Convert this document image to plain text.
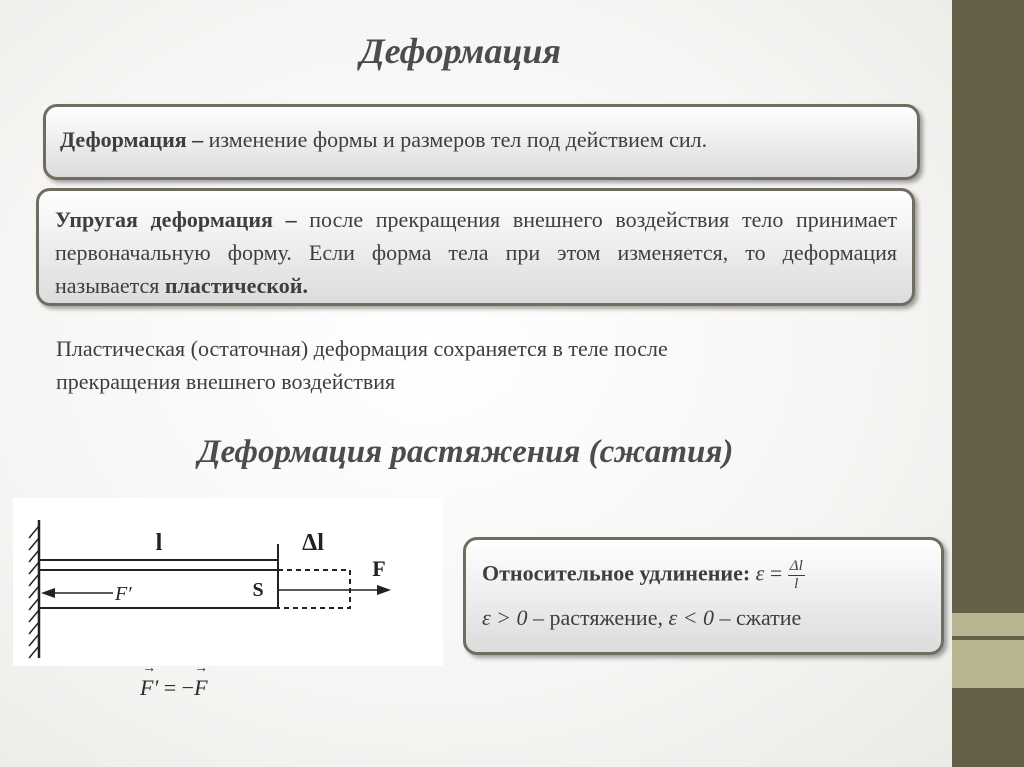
Деформация
Деформация – изменение формы и размеров тел под действием сил.
Упругая деформация – после прекращения внешнего воздействия тело принимает первоначальную форму. Если форма тела при этом изменяется, то деформация называется пластической.
Пластическая (остаточная) деформация сохраняется в теле после
прекращения внешнего воздействия
Деформация растяжения (сжатия)
l	Δl
S
F
F′
Относительное удлинение: $\varepsilon = \frac{\Delta l}{l}$
ε > 0 – растяжение, ε < 0 – сжатие
→ F′ = −→ F
